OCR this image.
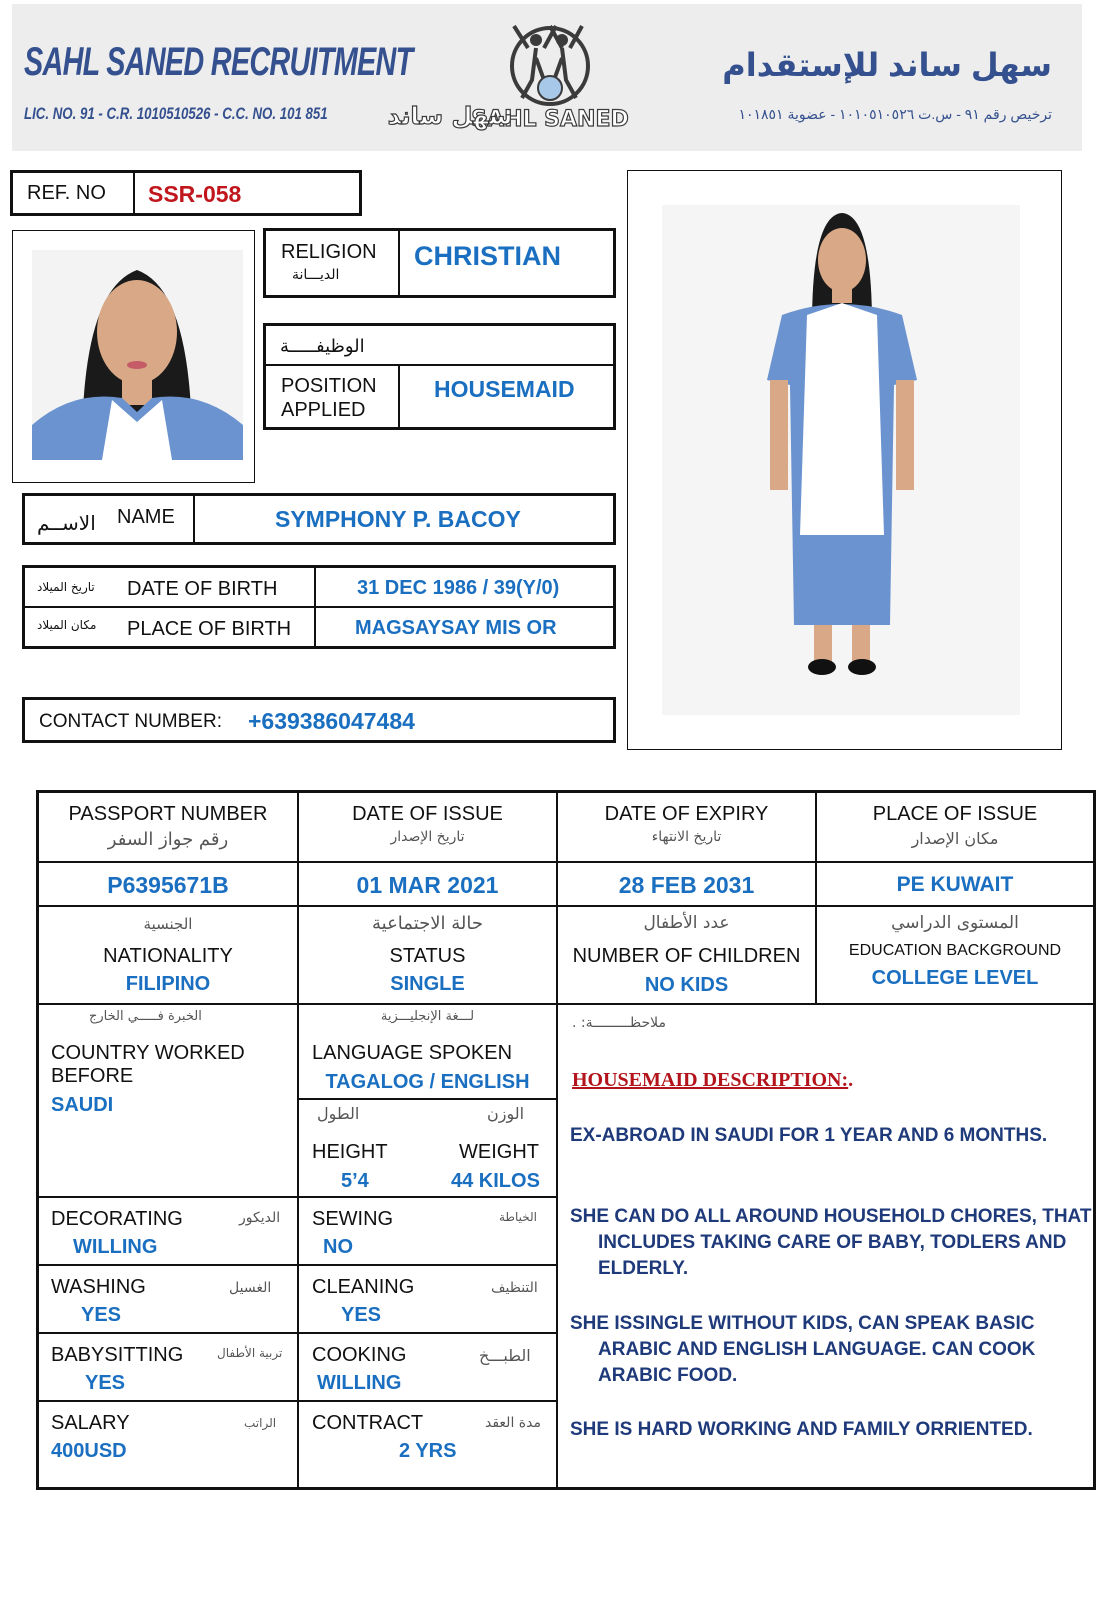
SAHL SANED RECRUITMENT
LIC. NO. 91 - C.R. 1010510526 - C.C. NO. 101 851
سهل ساند للإستقدام
ترخيص رقم ٩١ - س.ت ١٠١٠٥١٠٥٢٦ - عضوية ١٠١٨٥١
SAHL SANED
سهل ساند
REF. NO SSR-058
RELIGION
الديـــانة
CHRISTIAN
الوظيفـــــة
POSITION
APPLIED
HOUSEMAID
الاســم NAME	SYMPHONY P. BACOY
تاريخ الميلاد DATE OF BIRTH	31 DEC 1986 / 39(Y/0)
مكان الميلاد PLACE OF BIRTH	MAGSAYSAY MIS OR
CONTACT NUMBER: +639386047484
PASSPORT NUMBER
رقم جواز السفر
DATE OF ISSUE
تاريخ الإصدار
DATE OF EXPIRY
تاريخ الانتهاء
PLACE OF ISSUE
مكان الإصدار
P6395671B	01 MAR 2021	28 FEB 2031	PE KUWAIT
الجنسية
NATIONALITY
FILIPINO
حالة الاجتماعية
STATUS
SINGLE
عدد الأطفال
NUMBER OF CHILDREN
NO KIDS
المستوى الدراسي
EDUCATION BACKGROUND
COLLEGE LEVEL
الخبرة فـــــي الخارج
COUNTRY WORKED
BEFORE
SAUDI
لـــغة الإنجليـــزية
LANGUAGE SPOKEN
TAGALOG / ENGLISH
الطول	الوزن
HEIGHT	WEIGHT
5’4	44 KILOS
DECORATING	الديكور
WILLING
SEWING	الخياطة
NO
WASHING	الغسيل
YES
CLEANING	التنظيف
YES
BABYSITTING	تربية الأطفال
YES
COOKING	الطبـــخ
WILLING
SALARY	الراتب
400USD
CONTRACT	مدة العقد
2 YRS
ملاحظـــــــــة: .
HOUSEMAID DESCRIPTION:.
EX-ABROAD IN SAUDI FOR 1 YEAR AND 6 MONTHS.
SHE CAN DO ALL AROUND HOUSEHOLD CHORES, THAT INCLUDES TAKING CARE OF BABY, TODLERS AND ELDERLY.
SHE ISSINGLE WITHOUT KIDS, CAN SPEAK BASIC ARABIC AND ENGLISH LANGUAGE. CAN COOK ARABIC FOOD.
SHE IS HARD WORKING AND FAMILY ORRIENTED.
